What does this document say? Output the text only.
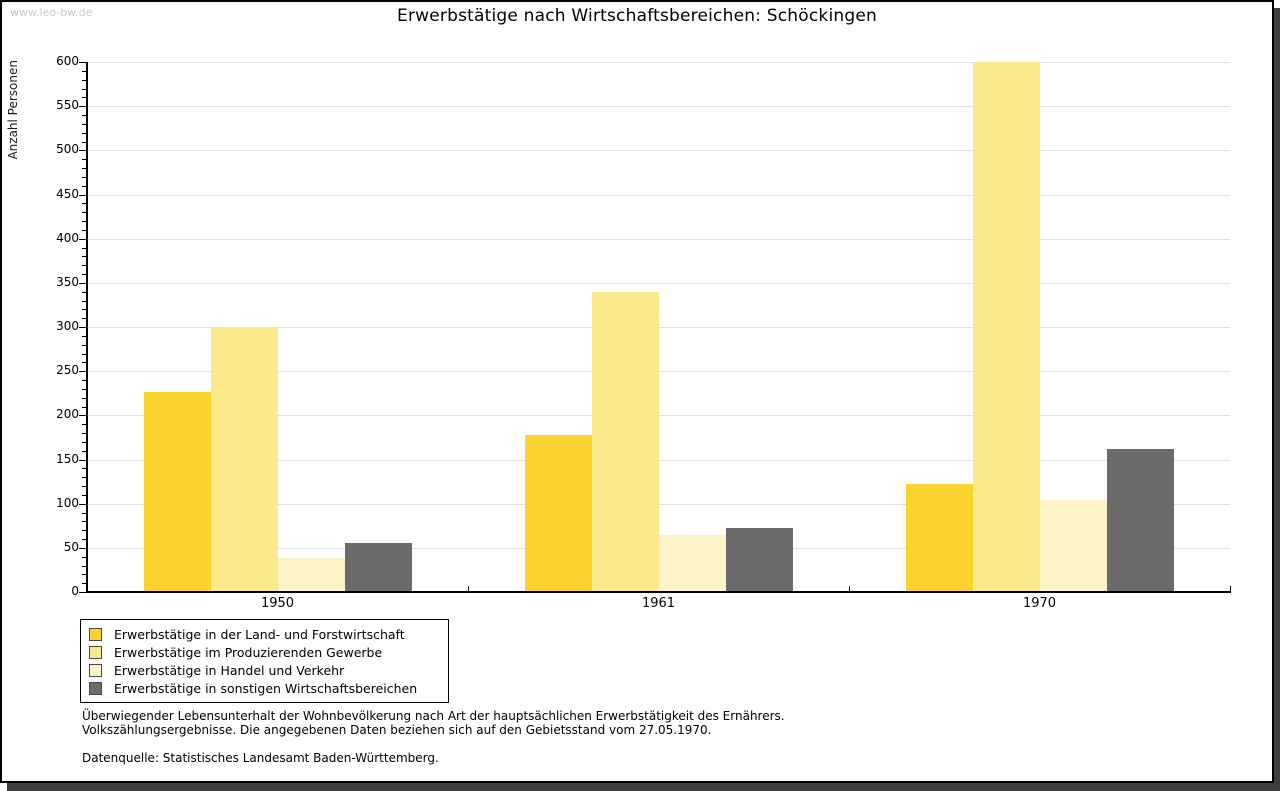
www.leo-bw.de	Erwerbstätige nach Wirtschaftsbereichen: Schöckingen
Anzahl Personen
0
50
100
150
200
250
300
350
400
450
500
550
600
1950	1961	1970
Erwerbstätige in der Land- und Forstwirtschaft
Erwerbstätige im Produzierenden Gewerbe
Erwerbstätige in Handel und Verkehr
Erwerbstätige in sonstigen Wirtschaftsbereichen
Überwiegender Lebensunterhalt der Wohnbevölkerung nach Art der hauptsächlichen Erwerbstätigkeit des Ernährers.
Volkszählungsergebnisse. Die angegebenen Daten beziehen sich auf den Gebietsstand vom 27.05.1970.
Datenquelle: Statistisches Landesamt Baden-Württemberg.
